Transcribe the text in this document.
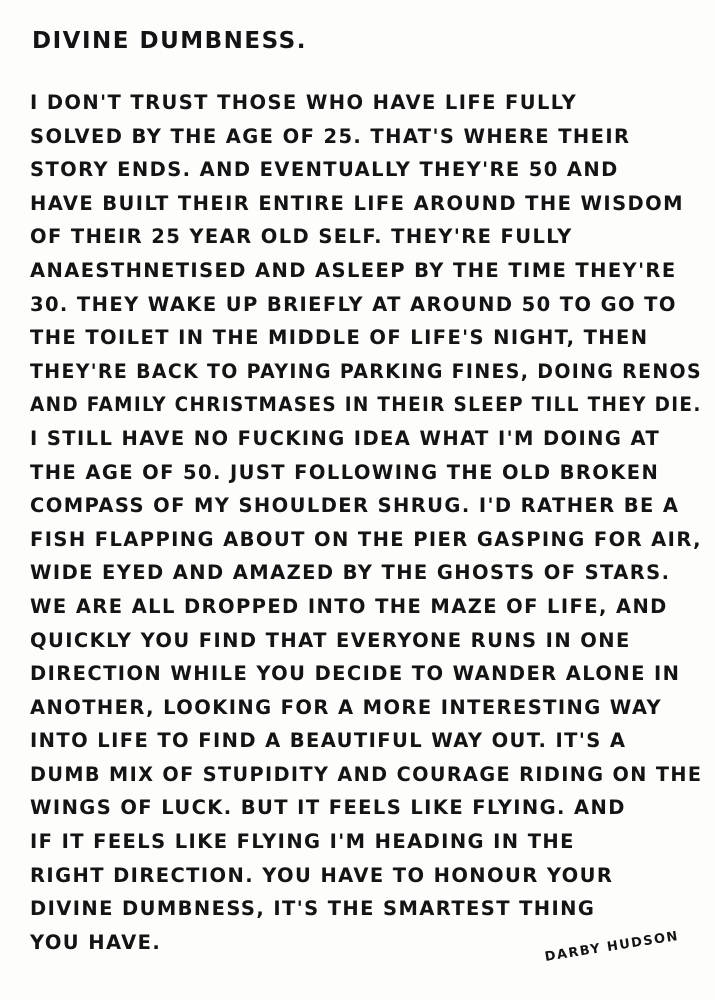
DIVINE DUMBNESS.
I DON'T TRUST THOSE WHO HAVE LIFE FULLY
SOLVED BY THE AGE OF 25. THAT'S WHERE THEIR
STORY ENDS. AND EVENTUALLY THEY'RE 50 AND
HAVE BUILT THEIR ENTIRE LIFE AROUND THE WISDOM
OF THEIR 25 YEAR OLD SELF. THEY'RE FULLY
ANAESTHNETISED AND ASLEEP BY THE TIME THEY'RE
30. THEY WAKE UP BRIEFLY AT AROUND 50 TO GO TO
THE TOILET IN THE MIDDLE OF LIFE'S NIGHT, THEN
THEY'RE BACK TO PAYING PARKING FINES, DOING RENOS
AND FAMILY CHRISTMASES IN THEIR SLEEP TILL THEY DIE.
I STILL HAVE NO FUCKING IDEA WHAT I'M DOING AT
THE AGE OF 50. JUST FOLLOWING THE OLD BROKEN
COMPASS OF MY SHOULDER SHRUG. I'D RATHER BE A
FISH FLAPPING ABOUT ON THE PIER GASPING FOR AIR,
WIDE EYED AND AMAZED BY THE GHOSTS OF STARS.
WE ARE ALL DROPPED INTO THE MAZE OF LIFE, AND
QUICKLY YOU FIND THAT EVERYONE RUNS IN ONE
DIRECTION WHILE YOU DECIDE TO WANDER ALONE IN
ANOTHER, LOOKING FOR A MORE INTERESTING WAY
INTO LIFE TO FIND A BEAUTIFUL WAY OUT. IT'S A
DUMB MIX OF STUPIDITY AND COURAGE RIDING ON THE
WINGS OF LUCK. BUT IT FEELS LIKE FLYING. AND
IF IT FEELS LIKE FLYING I'M HEADING IN THE
RIGHT DIRECTION. YOU HAVE TO HONOUR YOUR
DIVINE DUMBNESS, IT'S THE SMARTEST THING
YOU HAVE.	DARBY HUDSON
